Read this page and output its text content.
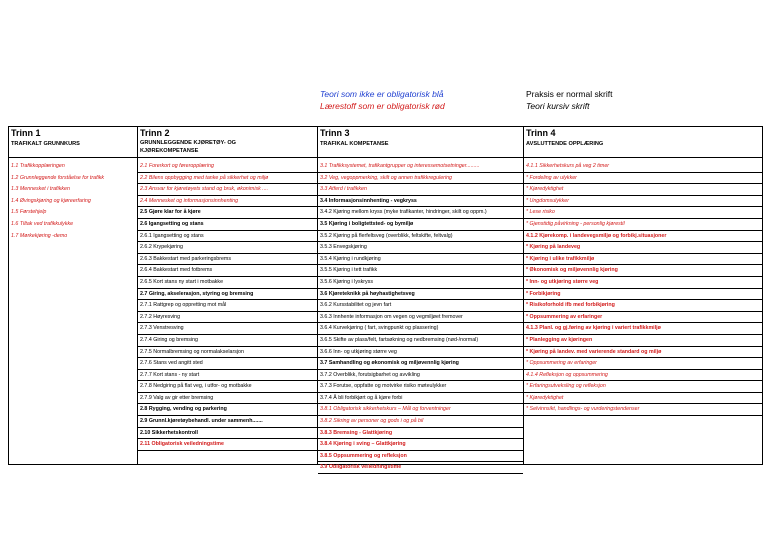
Teori som ikke er obligatorisk blå
Lærestoff som er obligatorisk rød
Praksis er normal skrift
Teori kursiv skrift
Trinn 1
TRAFIKALT GRUNNKURS
1.1 Trafikkopplæringen
1.2 Grunnleggende forståelse for trafikk
1.3 Mennesket i trafikken
1.4 Øvingskjøring og kjøreerfaring
1.5 Førstehjelp
1.6 Tiltak ved trafikkulykke
1.7 Mørkekjøring -demo
Trinn 2
GRUNNLEGGENDE KJØRETØY- OG
KJØREKOMPETANSE
2.1 Forerkort og føreropplæring
2.2 Bilens oppbygging med tanke på sikkerhet og miljø
2.3 Ansvar for kjøretøyets stand og bruk, økonimisk ....
2.4 Mennesket og informasjonsinnhenting
2.5 Gjøre klar for å kjøre
2.6 Igangsetting og stans
2.6.1 Igangsetting og stans
2.6.2 Krypekjøring
2.6.3 Bakkestart med parkeringsbrems
2.6.4 Bakkestart med fotbrems
2.6.5 Kort stans ny start i motbakke
2.7 Giring, akselerasjon, styring og bremsing
2.7.1 Rattgrep og oppretting mot mål
2.7.2 Høyresving
2.7.3 Venstresving
2.7.4 Giring og bremsing
2.7.5 Normalbremsing og normalakselarsjon
2.7.6 Stans ved angitt sted
2.7.7 Kort stans - ny start
2.7.8 Nedgiring på flat veg, i utfor- og motbakke
2.7.9 Valg av gir etter bremsing
2.8 Rygging, vending og parkering
2.9 Grunnl.kjøretøybehandl. under sammenh.......
2.10 Sikkerhetskontroll
2.11 Obligatorisk veiledningstime
Trinn 3
TRAFIKAL KOMPETANSE
3.1 Trafikksystemet, trafikantgrupper og interessemotsetninger.........
3.2 Veg, vegoppmerking, skilt og annen trafikkregulering
3.3 Atferd i trafikken
3.4 Informasjonsinnhenting - vegkryss
3.4.2 Kjøring mellom kryss (myke trafikanter, hindringer, skilt og oppm.)
3.5 Kjøring i boligtettsted- og bymiljø
3.5.2 Kjøring på flerfeltsveg (overblikk, feltskifte, feltvalg)
3.5.3 Envegskjøring
3.5.4 Kjøring i rundkjøring
3.5.5 Kjøring i tett trafikk
3.5.6 Kjøring i lyskryss
3.6 Kjøreteknikk på høyhastighetsveg
3.6.2 Kursstabilitet og jevn fart
3.6.3 Innhente informasjon om vegen og vegmiljøet fremover
3.6.4 Kurvekjøring ( fart, svingpunkt og plassering)
3.6.5 Skifte av plass/felt, fartsøkning og nedbremsing (nød-/normal)
3.6.6 Inn- og utkjøring større veg
3.7 Samhandling og økonomisk og miljøvennlig kjøring
3.7.2 Overblikk, forutsigbarhet og avvikling
3.7.3 Forutse, oppfatte og motvirke risiko møteulykker
3.7.4 Å bli forbikjørt og å kjøre forbi
3.8.1 Obligatorisk sikkerhetskurs – Mål og forventninger
3.8.2 Sikring av personer og gods i og på bil
3.8.3 Bremsing - Glattkjøring
3.8.4 Kjøring i sving – Glattkjøring
3.8.5 Oppsummering og refleksjon
3.9 Obligatorisk veiledningstime
Trinn 4
AVSLUTTENDE OPPLÆRING
4.1.1 Sikkerhetskurs på veg 2 timer
* Fordeling av ulykker
* Kjøredyktighet
* Ungdomsulykker
* Lese risiko
* Gjenstidig påvirkning - personlig kjørestil
4.1.2 Kjørekomp. i landevegsmiljø og forbikj.situasjoner
* Kjøring på landeveg
* Kjøring i ulike trafikkmiljø
* Økonomisk og miljøvennlig kjøring
* Inn- og utkjøring større veg
* Forbikjøring
* Risikoforhold ifb med forbikjøring
* Oppsummering av erfaringer
4.1.3 Planl. og gj.føring av kjøring i variert trafikkmiljø
* Planlegging av kjøringen
* Kjøring på landev. med varierende standard og miljø
* Oppsummering av erfaringer
4.1.4 Refleksjon og oppsummering
* Erfaringsutveksling og refleksjon
* Kjøredyktighet
* Selvinnsikt, handlings- og vurderingstendenser
